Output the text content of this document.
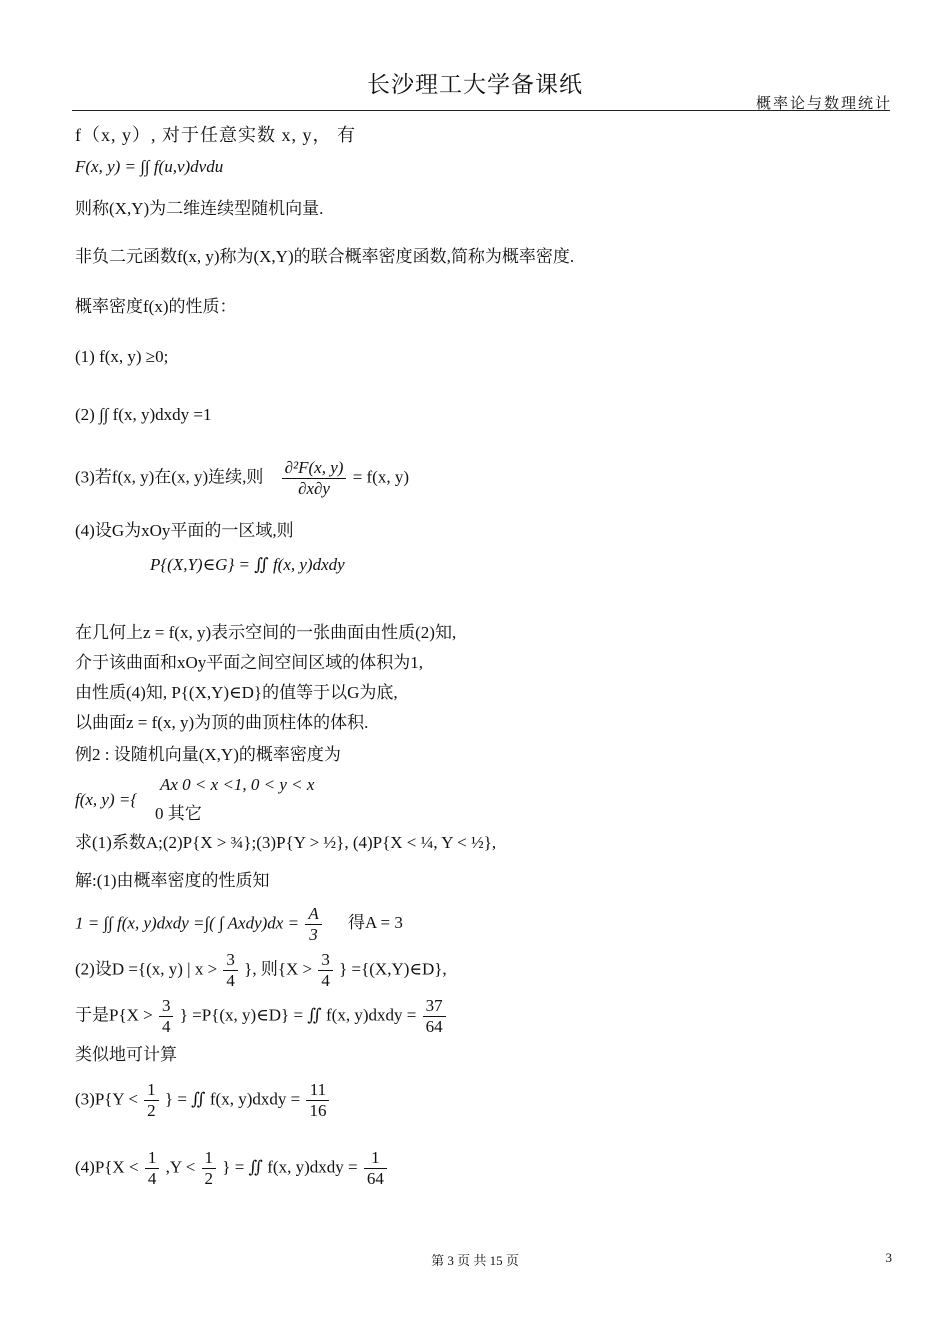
长沙理工大学备课纸
概率论与数理统计
f（x, y）, 对于任意实数 x, y， 有
F(x, y) = ∫∫ f(u,v)dvdu
则称(X,Y)为二维连续型随机向量.
非负二元函数f(x, y)称为(X,Y)的联合概率密度函数,简称为概率密度.
概率密度f(x)的性质：
(1) f(x, y) ≥0;
(2) ∫∫ f(x, y)dxdy =1
(3)若f(x, y)在(x, y)连续,则 $\frac{\text{∂²F(x, y)}}{\partial x\partial y} = f(x$, y)
(4)设G为xOy平面的一区域,则
P{(X,Y)∈G} = ∬ f(x, y)dxdy
在几何上z = f(x, y)表示空间的一张曲面由性质(2)知,
介于该曲面和xOy平面之间空间区域的体积为1,
由性质(4)知, P{(X,Y)∈D}的值等于以G为底,
以曲面z = f(x, y)为顶的曲顶柱体的体积.
例2 : 设随机向量(X,Y)的概率密度为
Ax 0 < x <1, 0 < y < x
f(x, y) ={
0 其它
求(1)系数A;(2)P{X > ¾};(3)P{Y > ½}, (4)P{X < ¼, Y < ½},
解:(1)由概率密度的性质知
1 = ∫∫ f(x, y)dxdy =∫( ∫ Axdy)dx = $\frac{A}{3}$ 得A = 3
(2)设D ={(x, y) | $x > \frac{3}{4}$ }, 则{$X > \frac{3}{4}$ } ={(X,Y)∈D},
于是$P\{X > \frac{3}{4}$ } =P{(x, y)∈D} = ∬ f(x, y)dxdy = $\frac{37}{64}$
类似地可计算
$(3)P\{Y < \frac{1}{2}$ } = ∬ f(x, y)dxdy = $\frac{11}{16}$
$(4)P\{X < \frac{1}{4} ,Y < \frac{1}{2}$ } = ∬ f(x, y)dxdy = $\frac{1}{64}$
第 3 页 共 15 页	3
